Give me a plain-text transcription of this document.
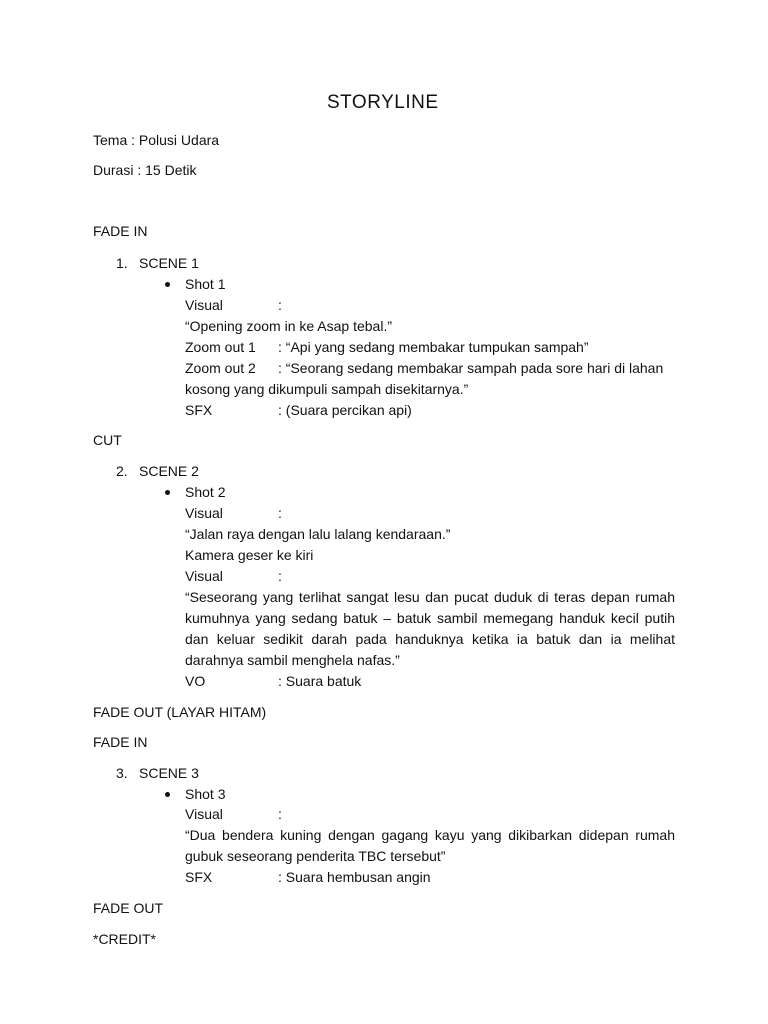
STORYLINE
Tema : Polusi Udara
Durasi : 15 Detik
FADE IN
1. SCENE 1
Shot 1
Visual	:
“Opening zoom in ke Asap tebal.”
Zoom out 1 : “Api yang sedang membakar tumpukan sampah”
Zoom out 2 : “Seorang sedang membakar sampah pada sore hari di lahan
kosong yang dikumpuli sampah disekitarnya.”
SFX	: (Suara percikan api)
CUT
2. SCENE 2
Shot 2
Visual	:
“Jalan raya dengan lalu lalang kendaraan.”
Kamera geser ke kiri
Visual	:
“Seseorang yang terlihat sangat lesu dan pucat duduk di teras depan rumah kumuhnya yang sedang batuk – batuk sambil memegang handuk kecil putih dan keluar sedikit darah pada handuknya ketika ia batuk dan ia melihat darahnya sambil menghela nafas.”
VO	: Suara batuk
FADE OUT (LAYAR HITAM)
FADE IN
3. SCENE 3
Shot 3
Visual	:
“Dua bendera kuning dengan gagang kayu yang dikibarkan didepan rumah gubuk seseorang penderita TBC tersebut”
SFX	: Suara hembusan angin
FADE OUT
*CREDIT*
